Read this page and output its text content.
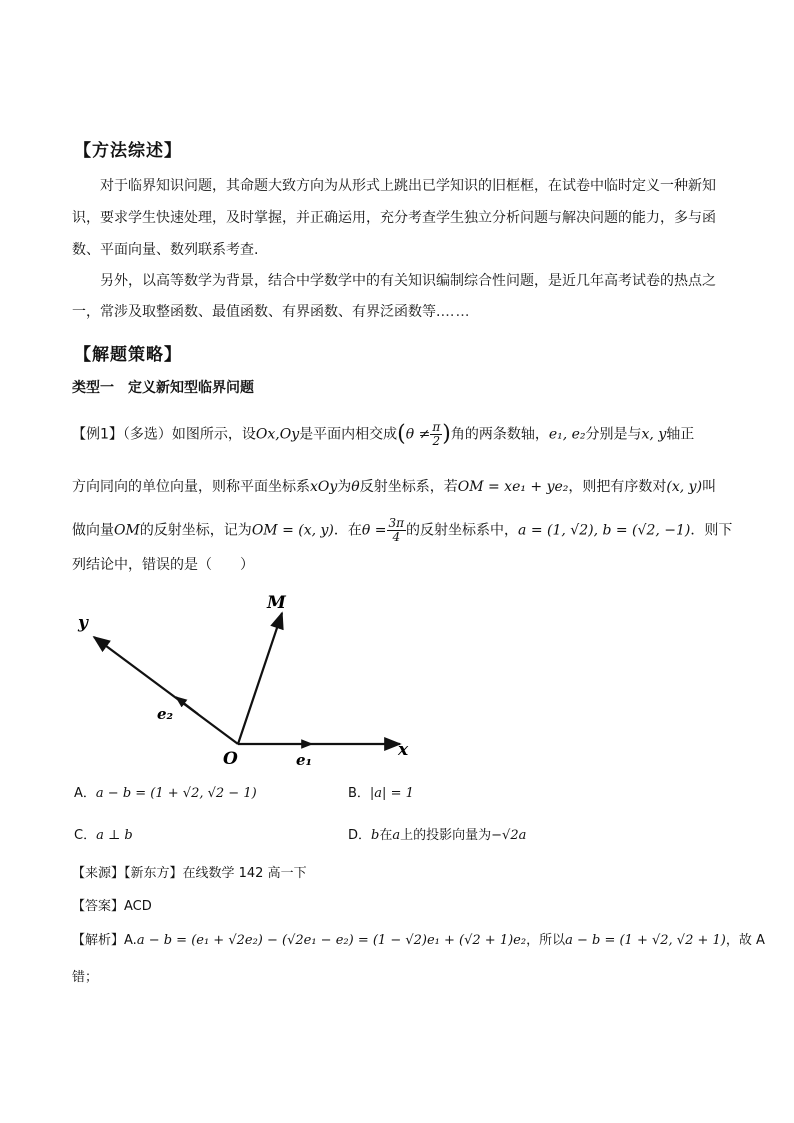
【方法综述】
对于临界知识问题，其命题大致方向为从形式上跳出已学知识的旧框框，在试卷中临时定义一种新知
识，要求学生快速处理，及时掌握，并正确运用，充分考查学生独立分析问题与解决问题的能力，多与函
数、平面向量、数列联系考查.
另外，以高等数学为背景，结合中学数学中的有关知识编制综合性问题，是近几年高考试卷的热点之
一，常涉及取整函数、最值函数、有界函数、有界泛函数等.……
【解题策略】
类型一　定义新知型临界问题
【例1】（多选）如图所示，设Ox,Oy是平面内相交成($\theta \ne \frac{\pi}{2}$ )角的两条数轴，e₁, e₂分别是与x, y轴正
方向同向的单位向量，则称平面坐标系xOy为θ反射坐标系，若OM = xe₁ + ye₂，则把有序数对(x, y)叫
做向量OM的反射坐标，记为OM = (x, y)．在$\theta = \frac{3\pi}{4}$ 的反射坐标系中，a = (1, √2), b = (√2, −1)．则下
列结论中，错误的是（　　）
y
M
e₂
O	e₁	x
A．a − b = (1 + √2, √2 − 1)	B．|a| = 1
C．a ⊥ b	D．b在a上的投影向量为−√2a
【来源】【新东方】在线数学 142 高一下
【答案】ACD
【解析】A.a − b = (e₁ + √2e₂) − (√2e₁ − e₂) = (1 − √2)e₁ + (√2 + 1)e₂，所以a − b = (1 + √2, √2 + 1)，故 A
错；
